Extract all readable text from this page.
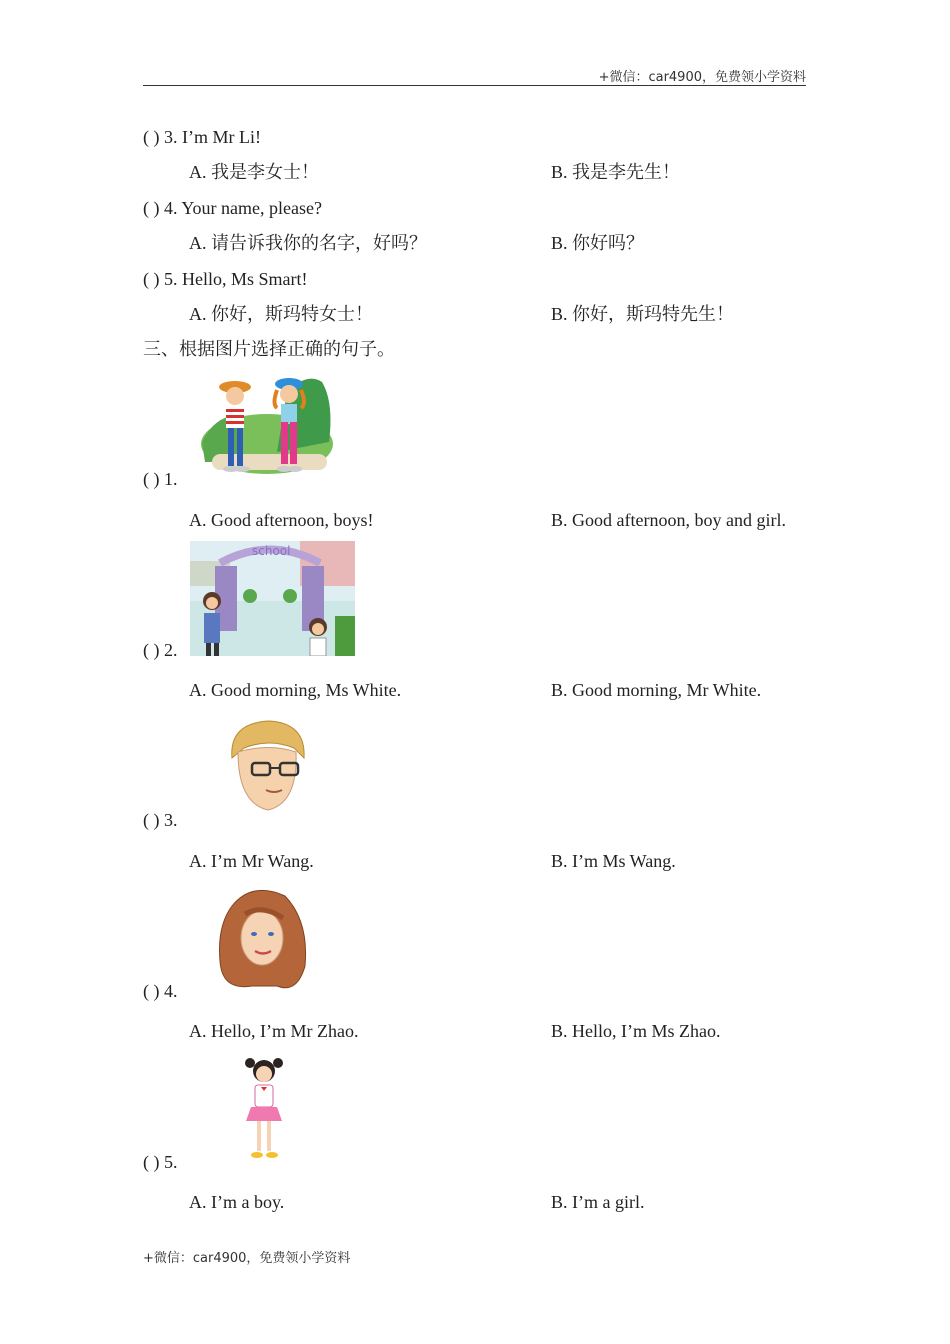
+微信：car4900，免费领小学资料
( ) 3. I’m Mr Li!
A. 我是李女士！	B. 我是李先生！
( ) 4. Your name, please?
A. 请告诉我你的名字，好吗？	B. 你好吗？
( ) 5. Hello, Ms Smart!
A. 你好，斯玛特女士！	B. 你好，斯玛特先生！
三、根据图片选择正确的句子。
( ) 1.
A. Good afternoon, boys!	B. Good afternoon, boy and girl.
school
( ) 2.
A. Good morning, Ms White.	B. Good morning, Mr White.
( ) 3.
A. I’m Mr Wang.	B. I’m Ms Wang.
( ) 4.
A. Hello, I’m Mr Zhao.	B. Hello, I’m Ms Zhao.
( ) 5.
A. I’m a boy.	B. I’m a girl.
+微信：car4900，免费领小学资料
